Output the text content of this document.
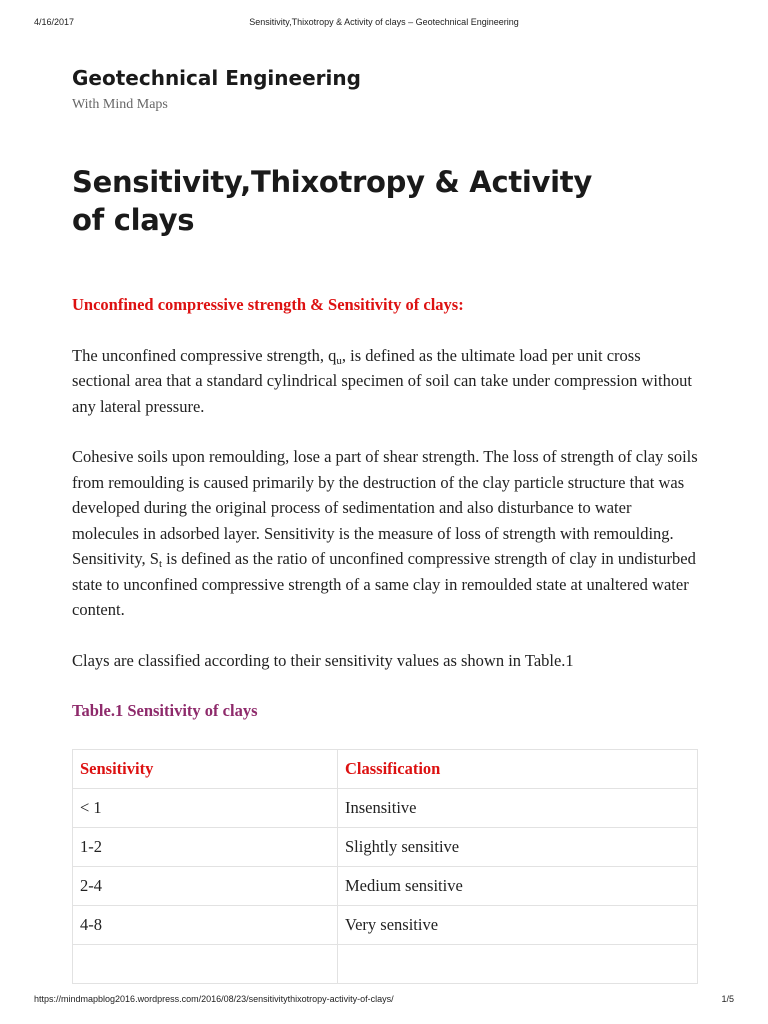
4/16/2017	Sensitivity,Thixotropy & Activity of clays – Geotechnical Engineering
Geotechnical Engineering
With Mind Maps
Sensitivity,Thixotropy & Activity of clays

Unconfined compressive strength & Sensitivity of clays:

The unconfined compressive strength, $q_u$, is defined as the ultimate load per unit cross sectional area that a standard cylindrical specimen of soil can take under compression without any lateral pressure.

Cohesive soils upon remoulding, lose a part of shear strength. The loss of strength of clay soils from remoulding is caused primarily by the destruction of the clay particle structure that was developed during the original process of sedimentation and also disturbance to water molecules in adsorbed layer. Sensitivity is the measure of loss of strength with remoulding. Sensitivity, $S_t$ is defined as the ratio of unconfined compressive strength of clay in undisturbed state to unconfined compressive strength of a same clay in remoulded state at unaltered water content.

Clays are classified according to their sensitivity values as shown in Table.1

Table.1 Sensitivity of clays

Sensitivity	Classification
< 1	Insensitive
1-2	Slightly sensitive
2-4	Medium sensitive
4-8	Very sensitive

https://mindmapblog2016.wordpress.com/2016/08/23/sensitivitythixotropy-activity-of-clays/	1/5
